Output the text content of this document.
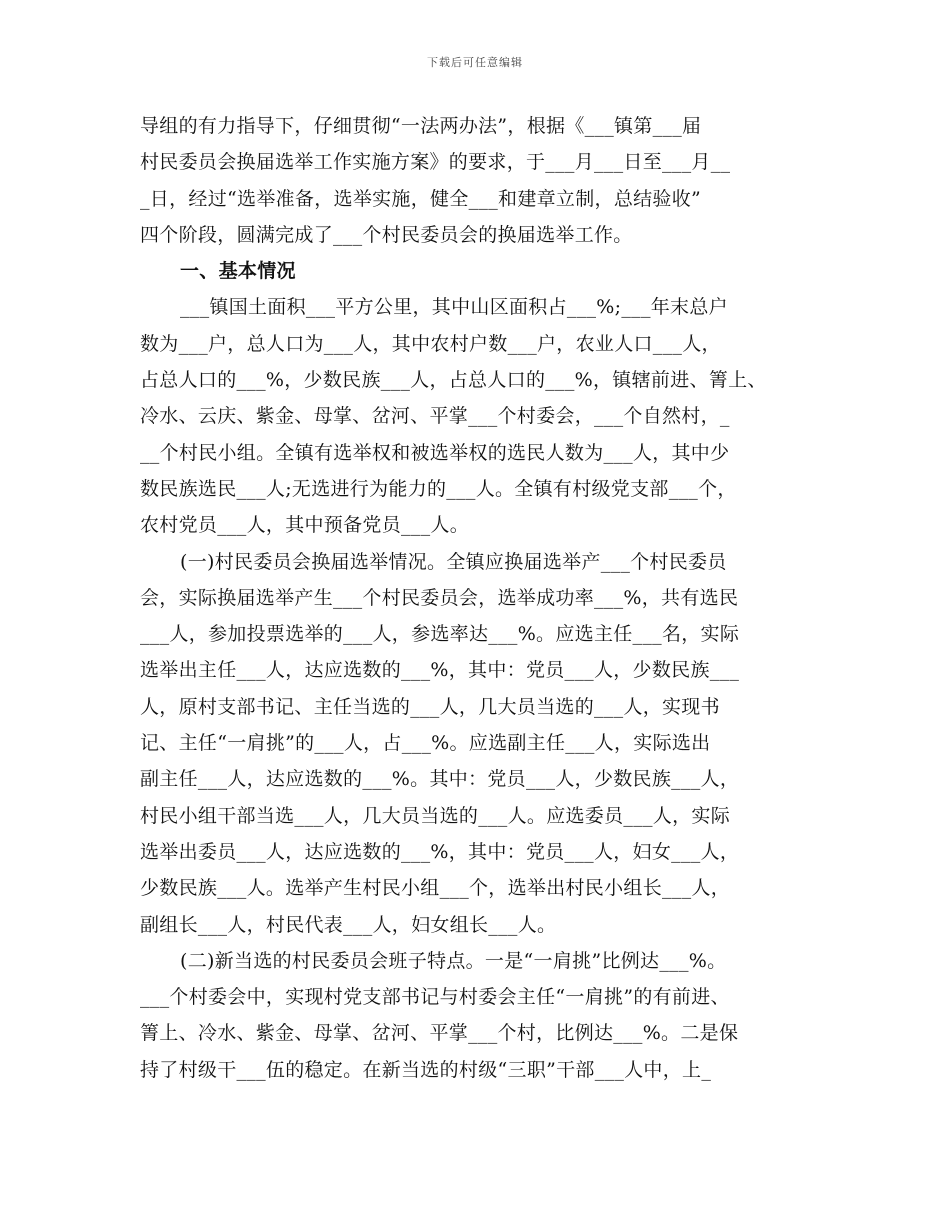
下载后可任意编辑
导组的有力指导下，仔细贯彻“一法两办法”，根据《___镇第___届
村民委员会换届选举工作实施方案》的要求，于___月___日至___月__
_日，经过“选举准备，选举实施，健全___和建章立制，总结验收”
四个阶段，圆满完成了___个村民委员会的换届选举工作。
一、基本情况
___镇国土面积___平方公里，其中山区面积占___%;___年末总户
数为___户，总人口为___人，其中农村户数___户，农业人口___人，
占总人口的___%，少数民族___人，占总人口的___%，镇辖前进、箐上、
冷水、云庆、紫金、母掌、岔河、平掌___个村委会，___个自然村，_
__个村民小组。全镇有选举权和被选举权的选民人数为___人，其中少
数民族选民___人;无选进行为能力的___人。全镇有村级党支部___个，
农村党员___人，其中预备党员___人。
(一)村民委员会换届选举情况。全镇应换届选举产___个村民委员
会，实际换届选举产生___个村民委员会，选举成功率___%，共有选民
___人，参加投票选举的___人，参选率达___%。应选主任___名，实际
选举出主任___人，达应选数的___%，其中：党员___人，少数民族___
人，原村支部书记、主任当选的___人，几大员当选的___人，实现书
记、主任“一肩挑”的___人，占___%。应选副主任___人，实际选出
副主任___人，达应选数的___%。其中：党员___人，少数民族___人，
村民小组干部当选___人，几大员当选的___人。应选委员___人，实际
选举出委员___人，达应选数的___%，其中：党员___人，妇女___人，
少数民族___人。选举产生村民小组___个，选举出村民小组长___人，
副组长___人，村民代表___人，妇女组长___人。
(二)新当选的村民委员会班子特点。一是“一肩挑”比例达___%。
___个村委会中，实现村党支部书记与村委会主任“一肩挑”的有前进、
箐上、冷水、紫金、母掌、岔河、平掌___个村，比例达___%。二是保
持了村级干___伍的稳定。在新当选的村级“三职”干部___人中，上_
